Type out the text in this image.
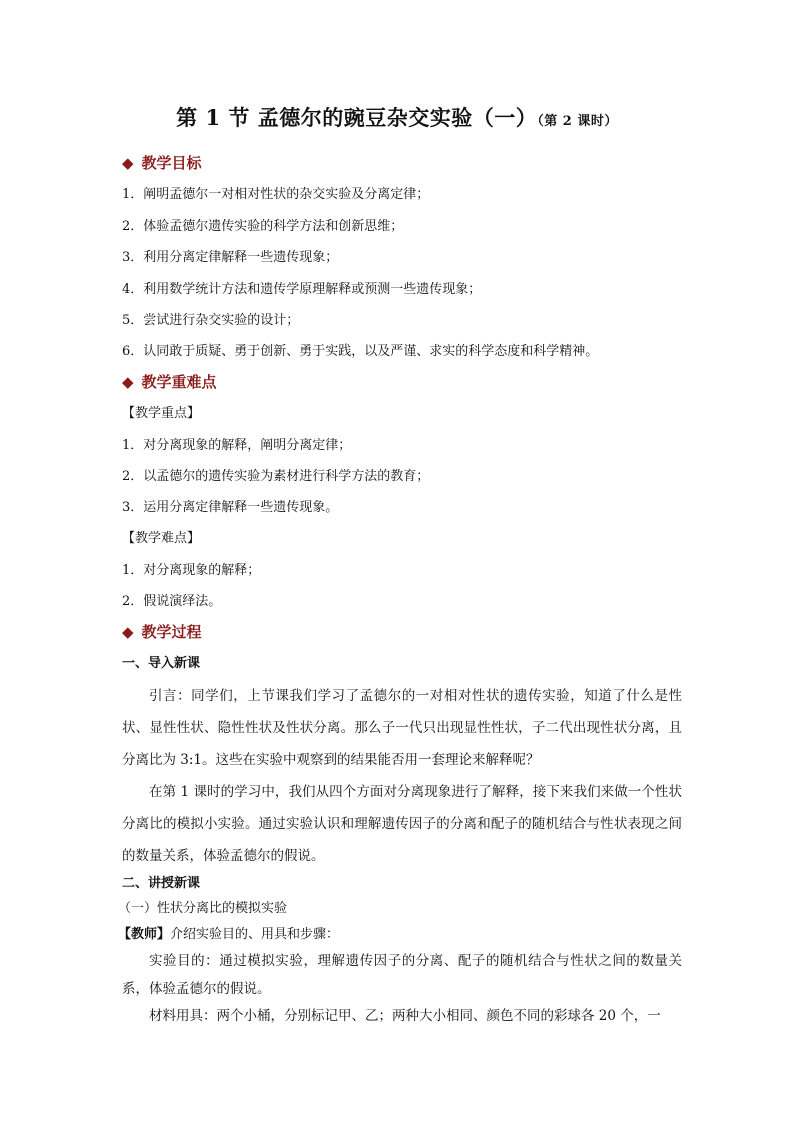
第 1 节 孟德尔的豌豆杂交实验（一）（第 2 课时）
◆ 教学目标
1．阐明孟德尔一对相对性状的杂交实验及分离定律；
2．体验孟德尔遗传实验的科学方法和创新思维；
3．利用分离定律解释一些遗传现象；
4．利用数学统计方法和遗传学原理解释或预测一些遗传现象；
5．尝试进行杂交实验的设计；
6．认同敢于质疑、勇于创新、勇于实践，以及严谨、求实的科学态度和科学精神。
◆ 教学重难点
【教学重点】
1．对分离现象的解释，阐明分离定律；
2．以孟德尔的遗传实验为素材进行科学方法的教育；
3．运用分离定律解释一些遗传现象。
【教学难点】
1．对分离现象的解释；
2．假说演绎法。
◆ 教学过程
一、导入新课
引言：同学们，上节课我们学习了孟德尔的一对相对性状的遗传实验，知道了什么是性状、显性性状、隐性性状及性状分离。那么子一代只出现显性性状，子二代出现性状分离，且分离比为 3:1。这些在实验中观察到的结果能否用一套理论来解释呢？
在第 1 课时的学习中，我们从四个方面对分离现象进行了解释，接下来我们来做一个性状分离比的模拟小实验。通过实验认识和理解遗传因子的分离和配子的随机结合与性状表现之间的数量关系，体验孟德尔的假说。
二、讲授新课
（一）性状分离比的模拟实验
【教师】介绍实验目的、用具和步骤：
实验目的：通过模拟实验，理解遗传因子的分离、配子的随机结合与性状之间的数量关系，体验孟德尔的假说。
材料用具：两个小桶，分别标记甲、乙；两种大小相同、颜色不同的彩球各 20 个，一
